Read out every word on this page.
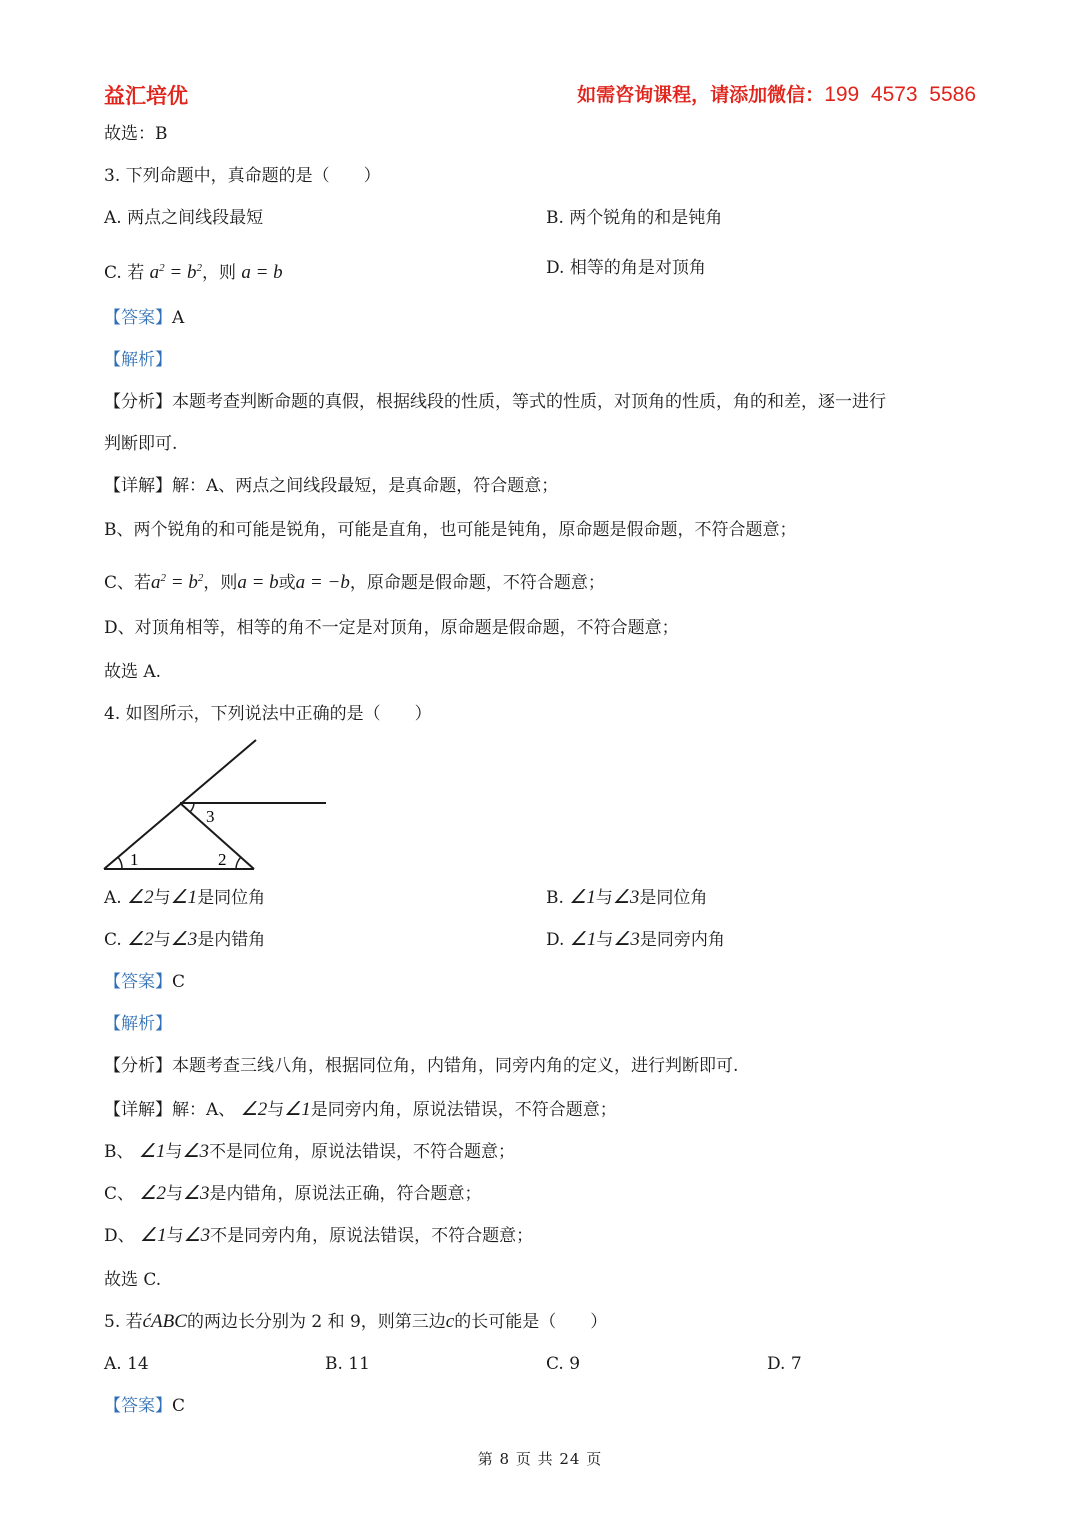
益汇培优	如需咨询课程，请添加微信：199  4573  5586
故选：B
3. 下列命题中，真命题的是（　　）
A. 两点之间线段最短	B. 两个锐角的和是钝角
C. 若 $a^2 = b^2$，则 a = b	D. 相等的角是对顶角
【答案】A
【解析】
【分析】本题考查判断命题的真假，根据线段的性质，等式的性质，对顶角的性质，角的和差，逐一进行
判断即可.
【详解】解：A、两点之间线段最短，是真命题，符合题意；
B、两个锐角的和可能是锐角，可能是直角，也可能是钝角，原命题是假命题，不符合题意；
C、若$a^2 = b^2$，则a = b或a = −b，原命题是假命题，不符合题意；
D、对顶角相等，相等的角不一定是对顶角，原命题是假命题，不符合题意；
故选 A.
4. 如图所示，下列说法中正确的是（　　）
1	2
3
A. ∠2与∠1是同位角	B. ∠1与∠3是同位角
C. ∠2与∠3是内错角	D. ∠1与∠3是同旁内角
【答案】C
【解析】
【分析】本题考查三线八角，根据同位角，内错角，同旁内角的定义，进行判断即可.
【详解】解：A、 ∠2与∠1是同旁内角，原说法错误，不符合题意；
B、 ∠1与∠3不是同位角，原说法错误，不符合题意；
C、 ∠2与∠3是内错角，原说法正确，符合题意；
D、 ∠1与∠3不是同旁内角，原说法错误，不符合题意；
故选 C.
5. 若ćABC的两边长分别为 2 和 9，则第三边c的长可能是（　　）
A. 14	B. 11	C. 9	D. 7
【答案】C
第 8 页 共 24 页
